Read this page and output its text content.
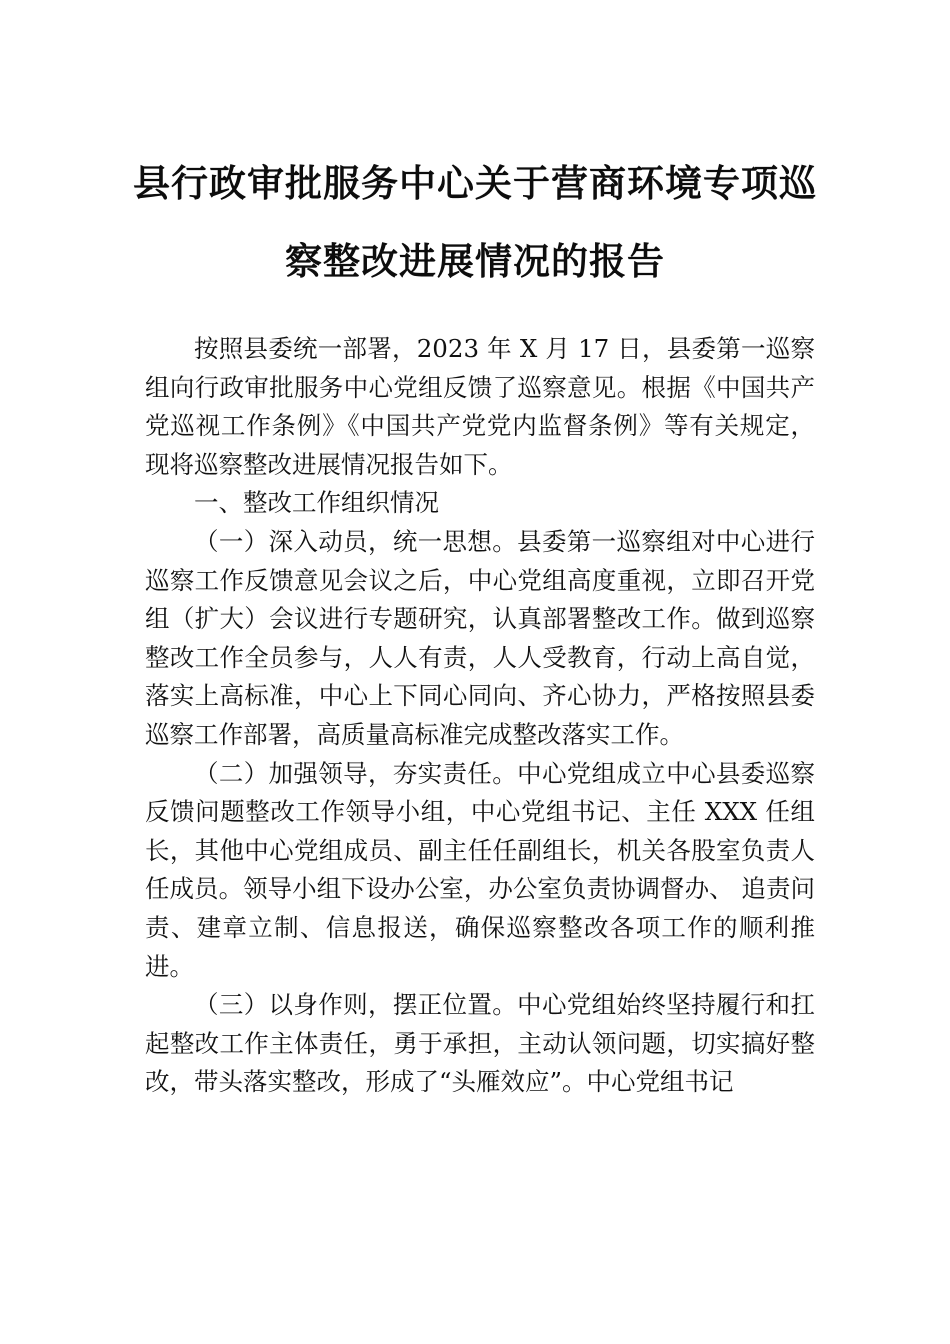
县行政审批服务中心关于营商环境专项巡
察整改进展情况的报告

按照县委统一部署，2023 年 X 月 17 日，县委第一巡察组向行政审批服务中心党组反馈了巡察意见。根据《中国共产党巡视工作条例》《中国共产党党内监督条例》等有关规定，现将巡察整改进展情况报告如下。

一、整改工作组织情况

（一）深入动员，统一思想。县委第一巡察组对中心进行巡察工作反馈意见会议之后，中心党组高度重视，立即召开党组（扩大）会议进行专题研究，认真部署整改工作。做到巡察整改工作全员参与，人人有责，人人受教育，行动上高自觉，落实上高标准，中心上下同心同向、齐心协力，严格按照县委巡察工作部署，高质量高标准完成整改落实工作。

（二）加强领导，夯实责任。中心党组成立中心县委巡察反馈问题整改工作领导小组，中心党组书记、主任 XXX 任组长，其他中心党组成员、副主任任副组长，机关各股室负责人任成员。领导小组下设办公室，办公室负责协调督办、 追责问责、建章立制、信息报送，确保巡察整改各项工作的顺利推进。

（三）以身作则，摆正位置。中心党组始终坚持履行和扛起整改工作主体责任，勇于承担，主动认领问题，切实搞好整改，带头落实整改，形成了“头雁效应”。中心党组书记
